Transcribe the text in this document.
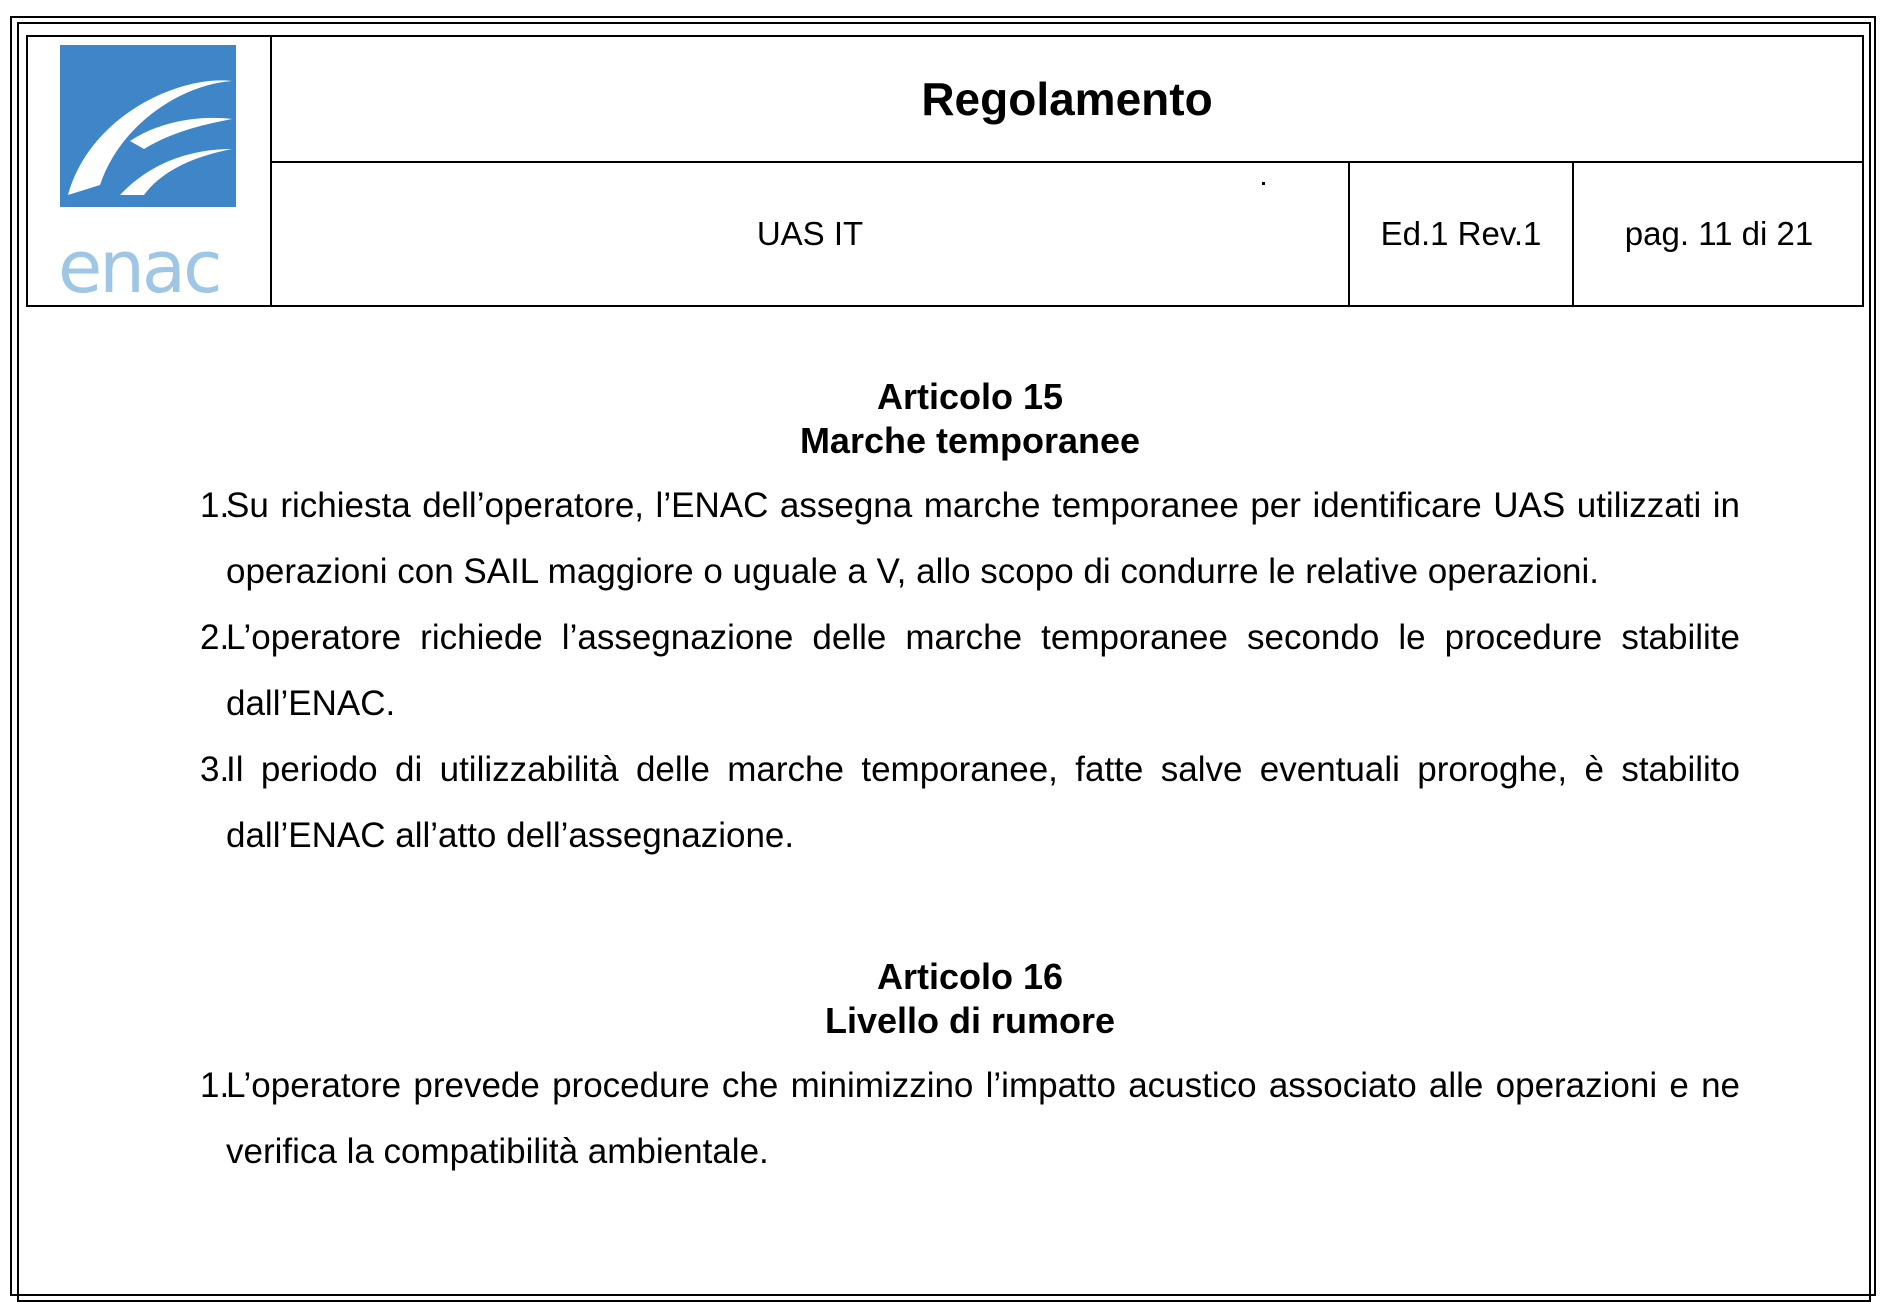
enac
Regolamento
UAS IT	Ed.1 Rev.1	pag. 11 di 21
Articolo 15
Marche temporanee
1.
Su richiesta dell’operatore, l’ENAC assegna marche temporanee per identificare UAS utilizzati in operazioni con SAIL maggiore o uguale a V, allo scopo di condurre le relative operazioni.
2.
L’operatore richiede l’assegnazione delle marche temporanee secondo le procedure stabilite dall’ENAC.
3.
Il periodo di utilizzabilità delle marche temporanee, fatte salve eventuali proroghe, è stabilito dall’ENAC all’atto dell’assegnazione.
Articolo 16
Livello di rumore
1.
L’operatore prevede procedure che minimizzino l’impatto acustico associato alle operazioni e ne verifica la compatibilità ambientale.
